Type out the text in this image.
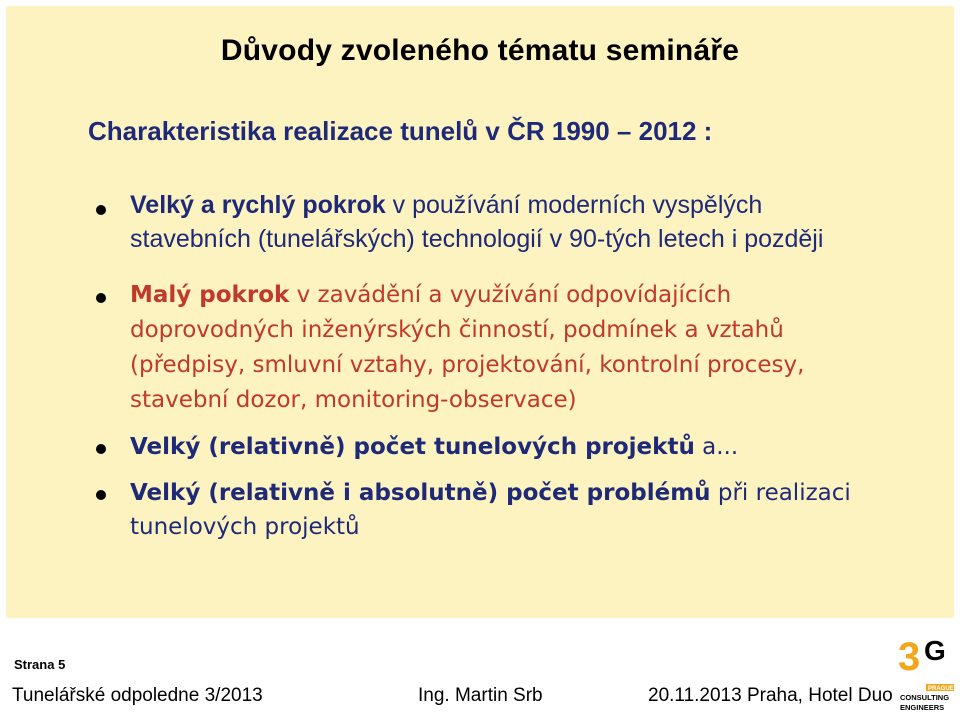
Důvody zvoleného tématu semináře
Charakteristika realizace tunelů v ČR 1990 – 2012 :
Velký a rychlý pokrok v používání moderních vyspělých stavebních (tunelářských) technologií v 90-tých letech i později
Malý pokrok v zavádění a využívání odpovídajících doprovodných inženýrských činností, podmínek a vztahů (předpisy, smluvní vztahy, projektování, kontrolní procesy, stavební dozor, monitoring-observace)
Velký (relativně) počet tunelových projektů a...
Velký (relativně i absolutně) počet problémů při realizaci tunelových projektů
Strana 5
Tunelářské odpoledne 3/2013	Ing. Martin Srb	20.11.2013 Praha, Hotel Duo
3 G
PRAGUE
CONSULTING
ENGINEERS
